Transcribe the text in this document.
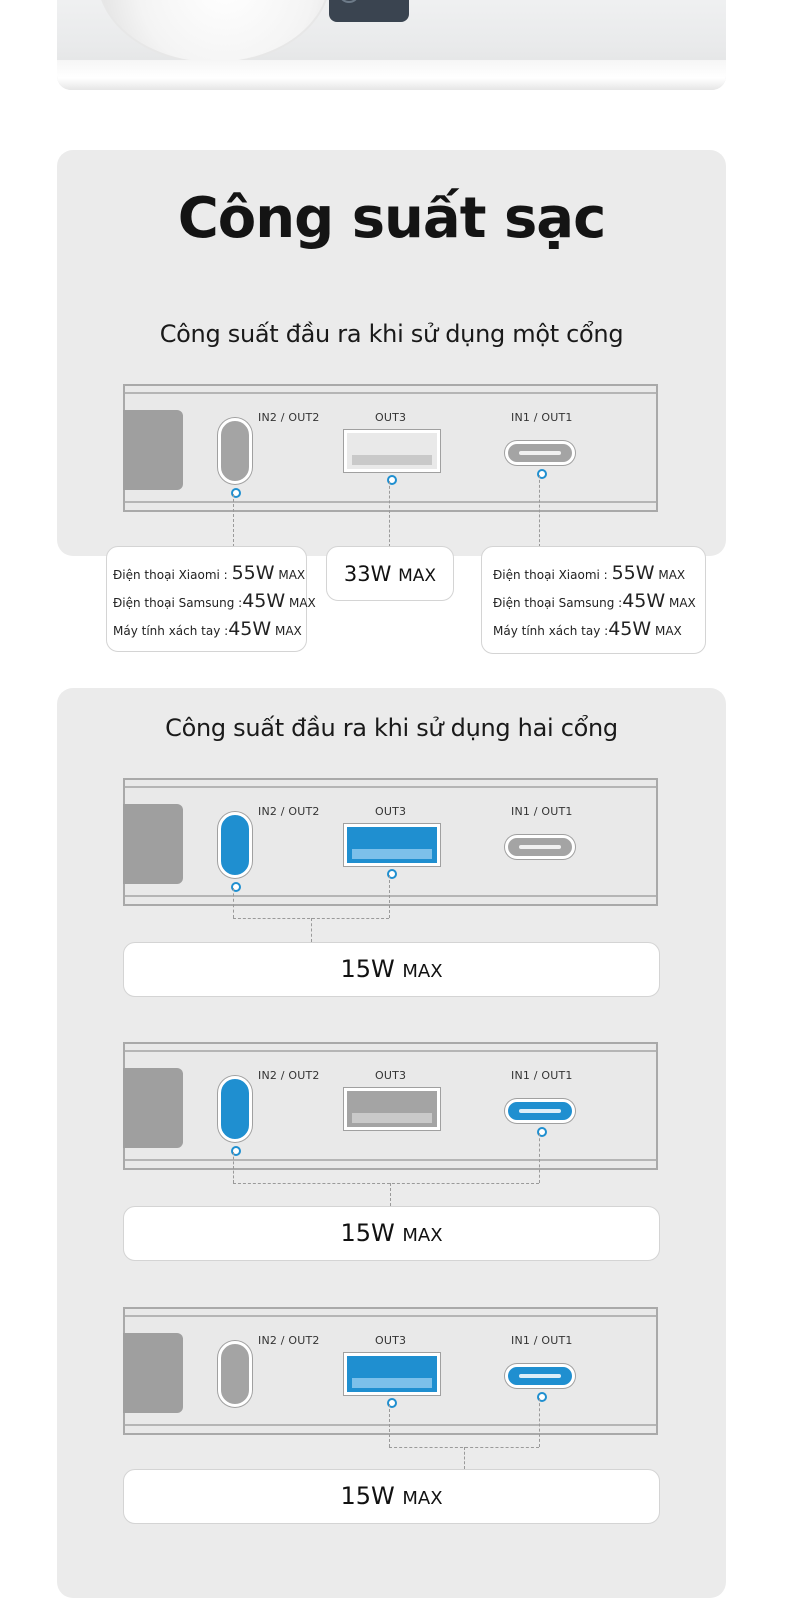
Công suất sạc
Công suất đầu ra khi sử dụng một cổng
IN2 / OUT2	OUT3	IN1 / OUT1
Điện thoại Xiaomi : 55W MAX
Điện thoại Samsung :45W MAX
Máy tính xách tay :45W MAX
33W MAX	Điện thoại Xiaomi : 55W MAX
Điện thoại Samsung :45W MAX
Máy tính xách tay :45W MAX
Công suất đầu ra khi sử dụng hai cổng
IN2 / OUT2	OUT3	IN1 / OUT1
15W MAX
IN2 / OUT2	OUT3	IN1 / OUT1
15W MAX
IN2 / OUT2	OUT3	IN1 / OUT1
15W MAX
